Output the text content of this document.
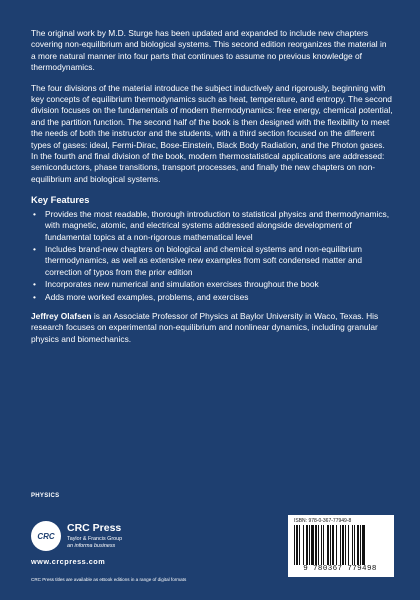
The original work by M.D. Sturge has been updated and expanded to include new chapters covering non-equilibrium and biological systems. This second edition reorganizes the material in a more natural manner into four parts that continues to assume no previous knowledge of thermodynamics.

The four divisions of the material introduce the subject inductively and rigorously, beginning with key concepts of equilibrium thermodynamics such as heat, temperature, and entropy. The second division focuses on the fundamentals of modern thermodynamics: free energy, chemical potential, and the partition function. The second half of the book is then designed with the flexibility to meet the needs of both the instructor and the students, with a third section focused on the different types of gases: ideal, Fermi-Dirac, Bose-Einstein, Black Body Radiation, and the Photon gases. In the fourth and final division of the book, modern thermostatistical applications are addressed: semiconductors, phase transitions, transport processes, and finally the new chapters on non-equilibrium and biological systems.

Key Features
• Provides the most readable, thorough introduction to statistical physics and thermodynamics, with magnetic, atomic, and electrical systems addressed alongside development of fundamental topics at a non-rigorous mathematical level
• Includes brand-new chapters on biological and chemical systems and non-equilibrium thermodynamics, as well as extensive new examples from soft condensed matter and correction of typos from the prior edition
• Incorporates new numerical and simulation exercises throughout the book
• Adds more worked examples, problems, and exercises

Jeffrey Olafsen is an Associate Professor of Physics at Baylor University in Waco, Texas. His research focuses on experimental non-equilibrium and nonlinear dynamics, including granular physics and biomechanics.

PHYSICS
CRC
CRC Press
Taylor & Francis Group
an informa business
www.crcpress.com
CRC Press titles are available as eBook editions in a range of digital formats
ISBN: 978-0-367-77949-8
9 780367 779498
